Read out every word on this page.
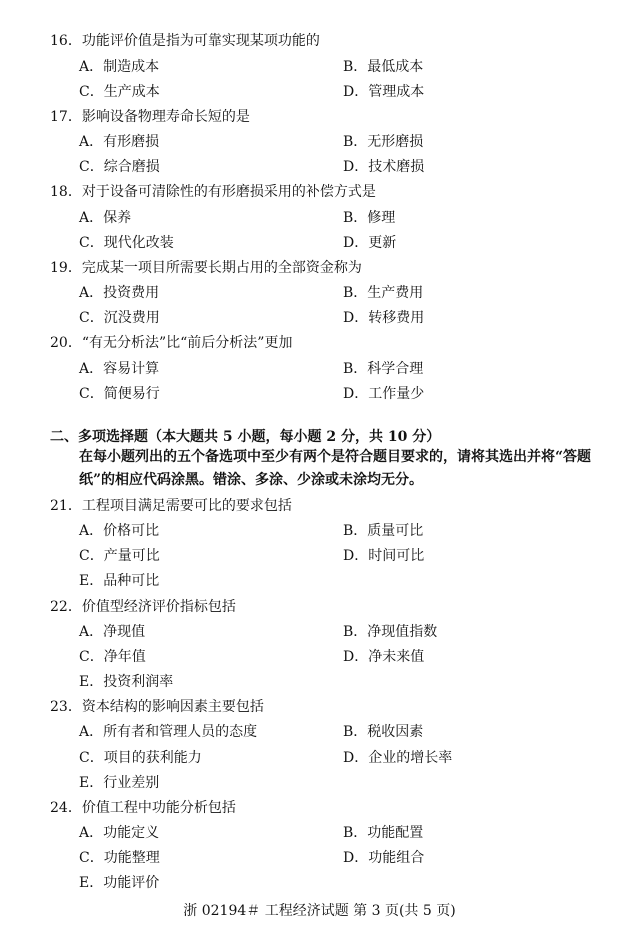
16．功能评价值是指为可靠实现某项功能的
A．制造成本	B．最低成本
C．生产成本	D．管理成本
17．影响设备物理寿命长短的是
A．有形磨损	B．无形磨损
C．综合磨损	D．技术磨损
18．对于设备可清除性的有形磨损采用的补偿方式是
A．保养	B．修理
C．现代化改装	D．更新
19．完成某一项目所需要长期占用的全部资金称为
A．投资费用	B．生产费用
C．沉没费用	D．转移费用
20．“有无分析法”比“前后分析法”更加
A．容易计算	B．科学合理
C．简便易行	D．工作量少
二、多项选择题（本大题共 5 小题，每小题 2 分，共 10 分）
在每小题列出的五个备选项中至少有两个是符合题目要求的，请将其选出并将“答题纸”的相应代码涂黑。错涂、多涂、少涂或未涂均无分。
21．工程项目满足需要可比的要求包括
A．价格可比	B．质量可比
C．产量可比	D．时间可比
E．品种可比
22．价值型经济评价指标包括
A．净现值	B．净现值指数
C．净年值	D．净未来值
E．投资利润率
23．资本结构的影响因素主要包括
A．所有者和管理人员的态度	B．税收因素
C．项目的获利能力	D．企业的增长率
E．行业差别
24．价值工程中功能分析包括
A．功能定义	B．功能配置
C．功能整理	D．功能组合
E．功能评价
浙 02194＃ 工程经济试题 第 3 页(共 5 页)
